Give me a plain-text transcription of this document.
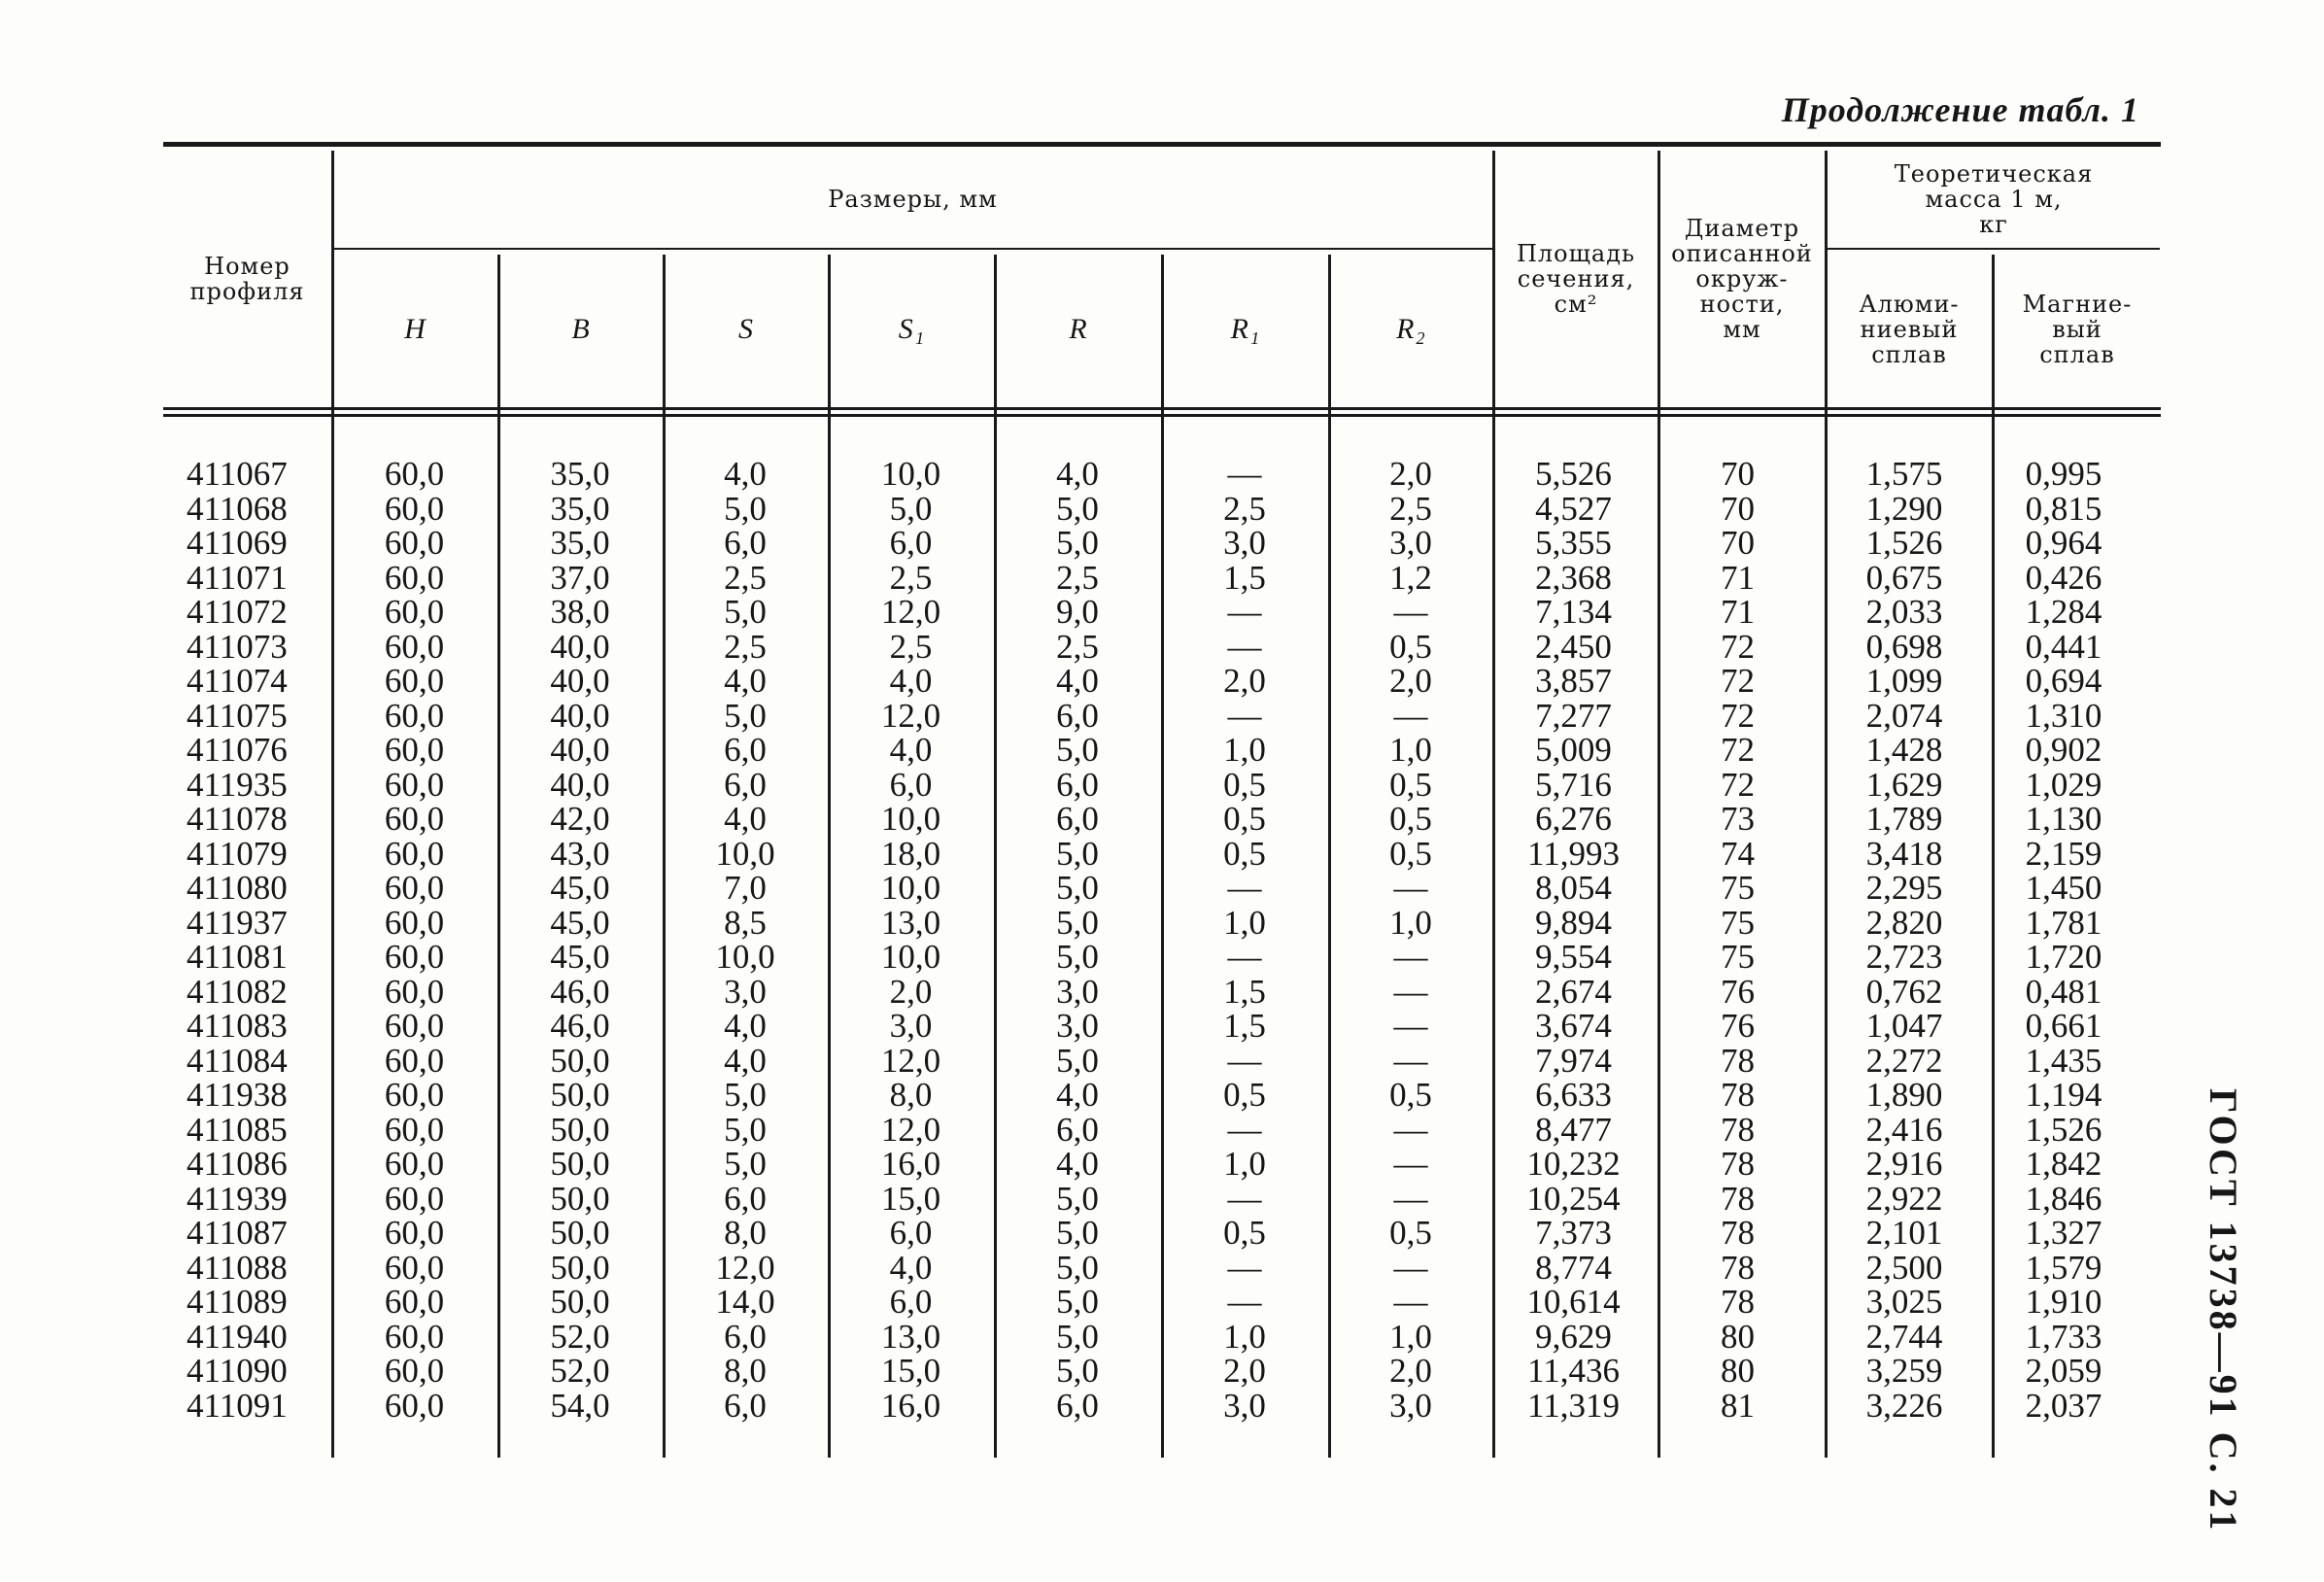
Продолжение табл. 1

Номер
профиля
Размеры, мм
H	B	S	S₁	R	R₁	R₂
Площадь
сечения,
см²
Диаметр
описанной
окруж-
ности,
мм
Теоретическая
масса 1 м,
кг
Алюми-
ниевый
сплав
Магние-
вый
сплав
411067	60,0	35,0	4,0	10,0	4,0	—	2,0	5,526	70	1,575	0,995
411068	60,0	35,0	5,0	5,0	5,0	2,5	2,5	4,527	70	1,290	0,815
411069	60,0	35,0	6,0	6,0	5,0	3,0	3,0	5,355	70	1,526	0,964
411071	60,0	37,0	2,5	2,5	2,5	1,5	1,2	2,368	71	0,675	0,426
411072	60,0	38,0	5,0	12,0	9,0	—	—	7,134	71	2,033	1,284
411073	60,0	40,0	2,5	2,5	2,5	—	0,5	2,450	72	0,698	0,441
411074	60,0	40,0	4,0	4,0	4,0	2,0	2,0	3,857	72	1,099	0,694
411075	60,0	40,0	5,0	12,0	6,0	—	—	7,277	72	2,074	1,310
411076	60,0	40,0	6,0	4,0	5,0	1,0	1,0	5,009	72	1,428	0,902
411935	60,0	40,0	6,0	6,0	6,0	0,5	0,5	5,716	72	1,629	1,029
411078	60,0	42,0	4,0	10,0	6,0	0,5	0,5	6,276	73	1,789	1,130
411079	60,0	43,0	10,0	18,0	5,0	0,5	0,5	11,993	74	3,418	2,159
411080	60,0	45,0	7,0	10,0	5,0	—	—	8,054	75	2,295	1,450
411937	60,0	45,0	8,5	13,0	5,0	1,0	1,0	9,894	75	2,820	1,781
411081	60,0	45,0	10,0	10,0	5,0	—	—	9,554	75	2,723	1,720
411082	60,0	46,0	3,0	2,0	3,0	1,5	—	2,674	76	0,762	0,481
411083	60,0	46,0	4,0	3,0	3,0	1,5	—	3,674	76	1,047	0,661
411084	60,0	50,0	4,0	12,0	5,0	—	—	7,974	78	2,272	1,435
411938	60,0	50,0	5,0	8,0	4,0	0,5	0,5	6,633	78	1,890	1,194
411085	60,0	50,0	5,0	12,0	6,0	—	—	8,477	78	2,416	1,526
411086	60,0	50,0	5,0	16,0	4,0	1,0	—	10,232	78	2,916	1,842
411939	60,0	50,0	6,0	15,0	5,0	—	—	10,254	78	2,922	1,846
411087	60,0	50,0	8,0	6,0	5,0	0,5	0,5	7,373	78	2,101	1,327
411088	60,0	50,0	12,0	4,0	5,0	—	—	8,774	78	2,500	1,579
411089	60,0	50,0	14,0	6,0	5,0	—	—	10,614	78	3,025	1,910
411940	60,0	52,0	6,0	13,0	5,0	1,0	1,0	9,629	80	2,744	1,733
411090	60,0	52,0	8,0	15,0	5,0	2,0	2,0	11,436	80	3,259	2,059
411091	60,0	54,0	6,0	16,0	6,0	3,0	3,0	11,319	81	3,226	2,037	ГОСТ 13738—91 С. 21
